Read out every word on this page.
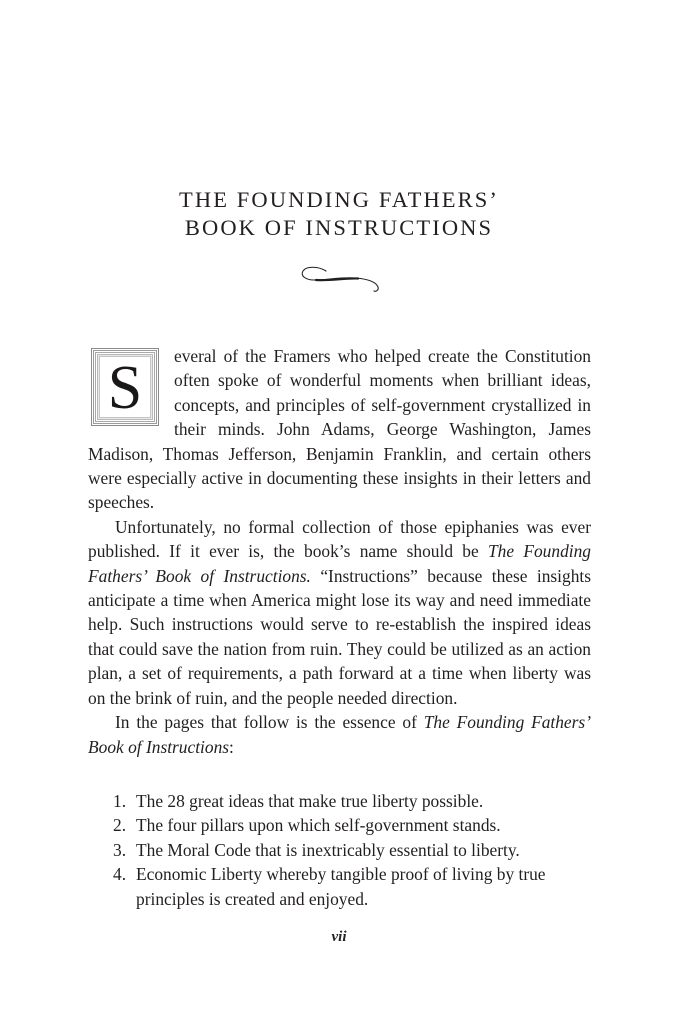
THE FOUNDING FATHERS’
BOOK OF INSTRUCTIONS

S	everal of the Framers who helped create the Constitution often spoke of wonderful moments when brilliant ideas, concepts, and principles of self-government crystallized in their minds. John Adams, George Washington, James Madison, Thomas Jefferson, Benjamin Franklin, and certain others were especially active in documenting these insights in their letters and speeches.

Unfortunately, no formal collection of those epiphanies was ever published. If it ever is, the book’s name should be The Founding Fathers’ Book of Instructions. “Instructions” because these insights anticipate a time when America might lose its way and need immediate help. Such instructions would serve to re-establish the inspired ideas that could save the nation from ruin. They could be utilized as an action plan, a set of requirements, a path forward at a time when liberty was on the brink of ruin, and the people needed direction.

In the pages that follow is the essence of The Founding Fathers’ Book of Instructions:

1. The 28 great ideas that make true liberty possible.
2. The four pillars upon which self-government stands.
3. The Moral Code that is inextricably essential to liberty.
4. Economic Liberty whereby tangible proof of living by true principles is created and enjoyed.
vii
